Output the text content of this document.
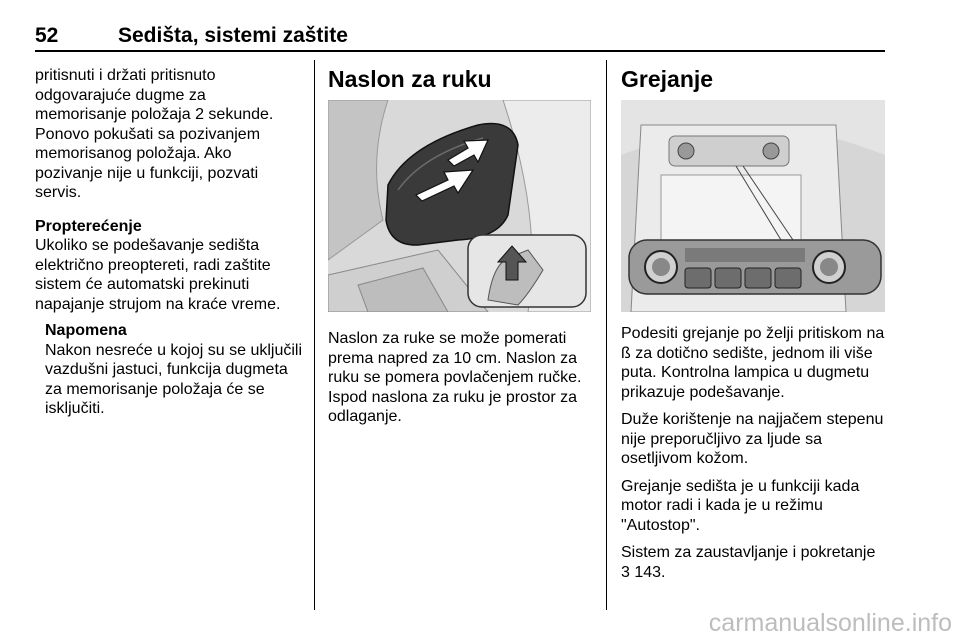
52	Sedišta, sistemi zaštite

pritisnuti i držati pritisnuto
odgovarajuće dugme za
memorisanje položaja 2 sekunde.
Ponovo pokušati sa pozivanjem
memorisanog položaja. Ako
pozivanje nije u funkciji, pozvati
servis.

Propterećenje

Ukoliko se podešavanje sedišta
električno preoptereti, radi zaštite
sistem će automatski prekinuti
napajanje strujom na kraće vreme.

Napomena

Nakon nesreće u kojoj su se uključili
vazdušni jastuci, funkcija dugmeta
za memorisanje položaja će se
isključiti.

Naslon za ruku

Naslon za ruke se može pomerati
prema napred za 10 cm. Naslon za
ruku se pomera povlačenjem ručke.
Ispod naslona za ruku je prostor za
odlaganje.

Grejanje

Podesiti grejanje po želji pritiskom na
ß za dotično sedište, jednom ili više
puta. Kontrolna lampica u dugmetu
prikazuje podešavanje.

Duže korištenje na najjačem stepenu
nije preporučljivo za ljude sa
osetljivom kožom.

Grejanje sedišta je u funkciji kada
motor radi i kada je u režimu
"Autostop".

Sistem za zaustavljanje i pokretanje
3 143.

carmanualsonline.info
